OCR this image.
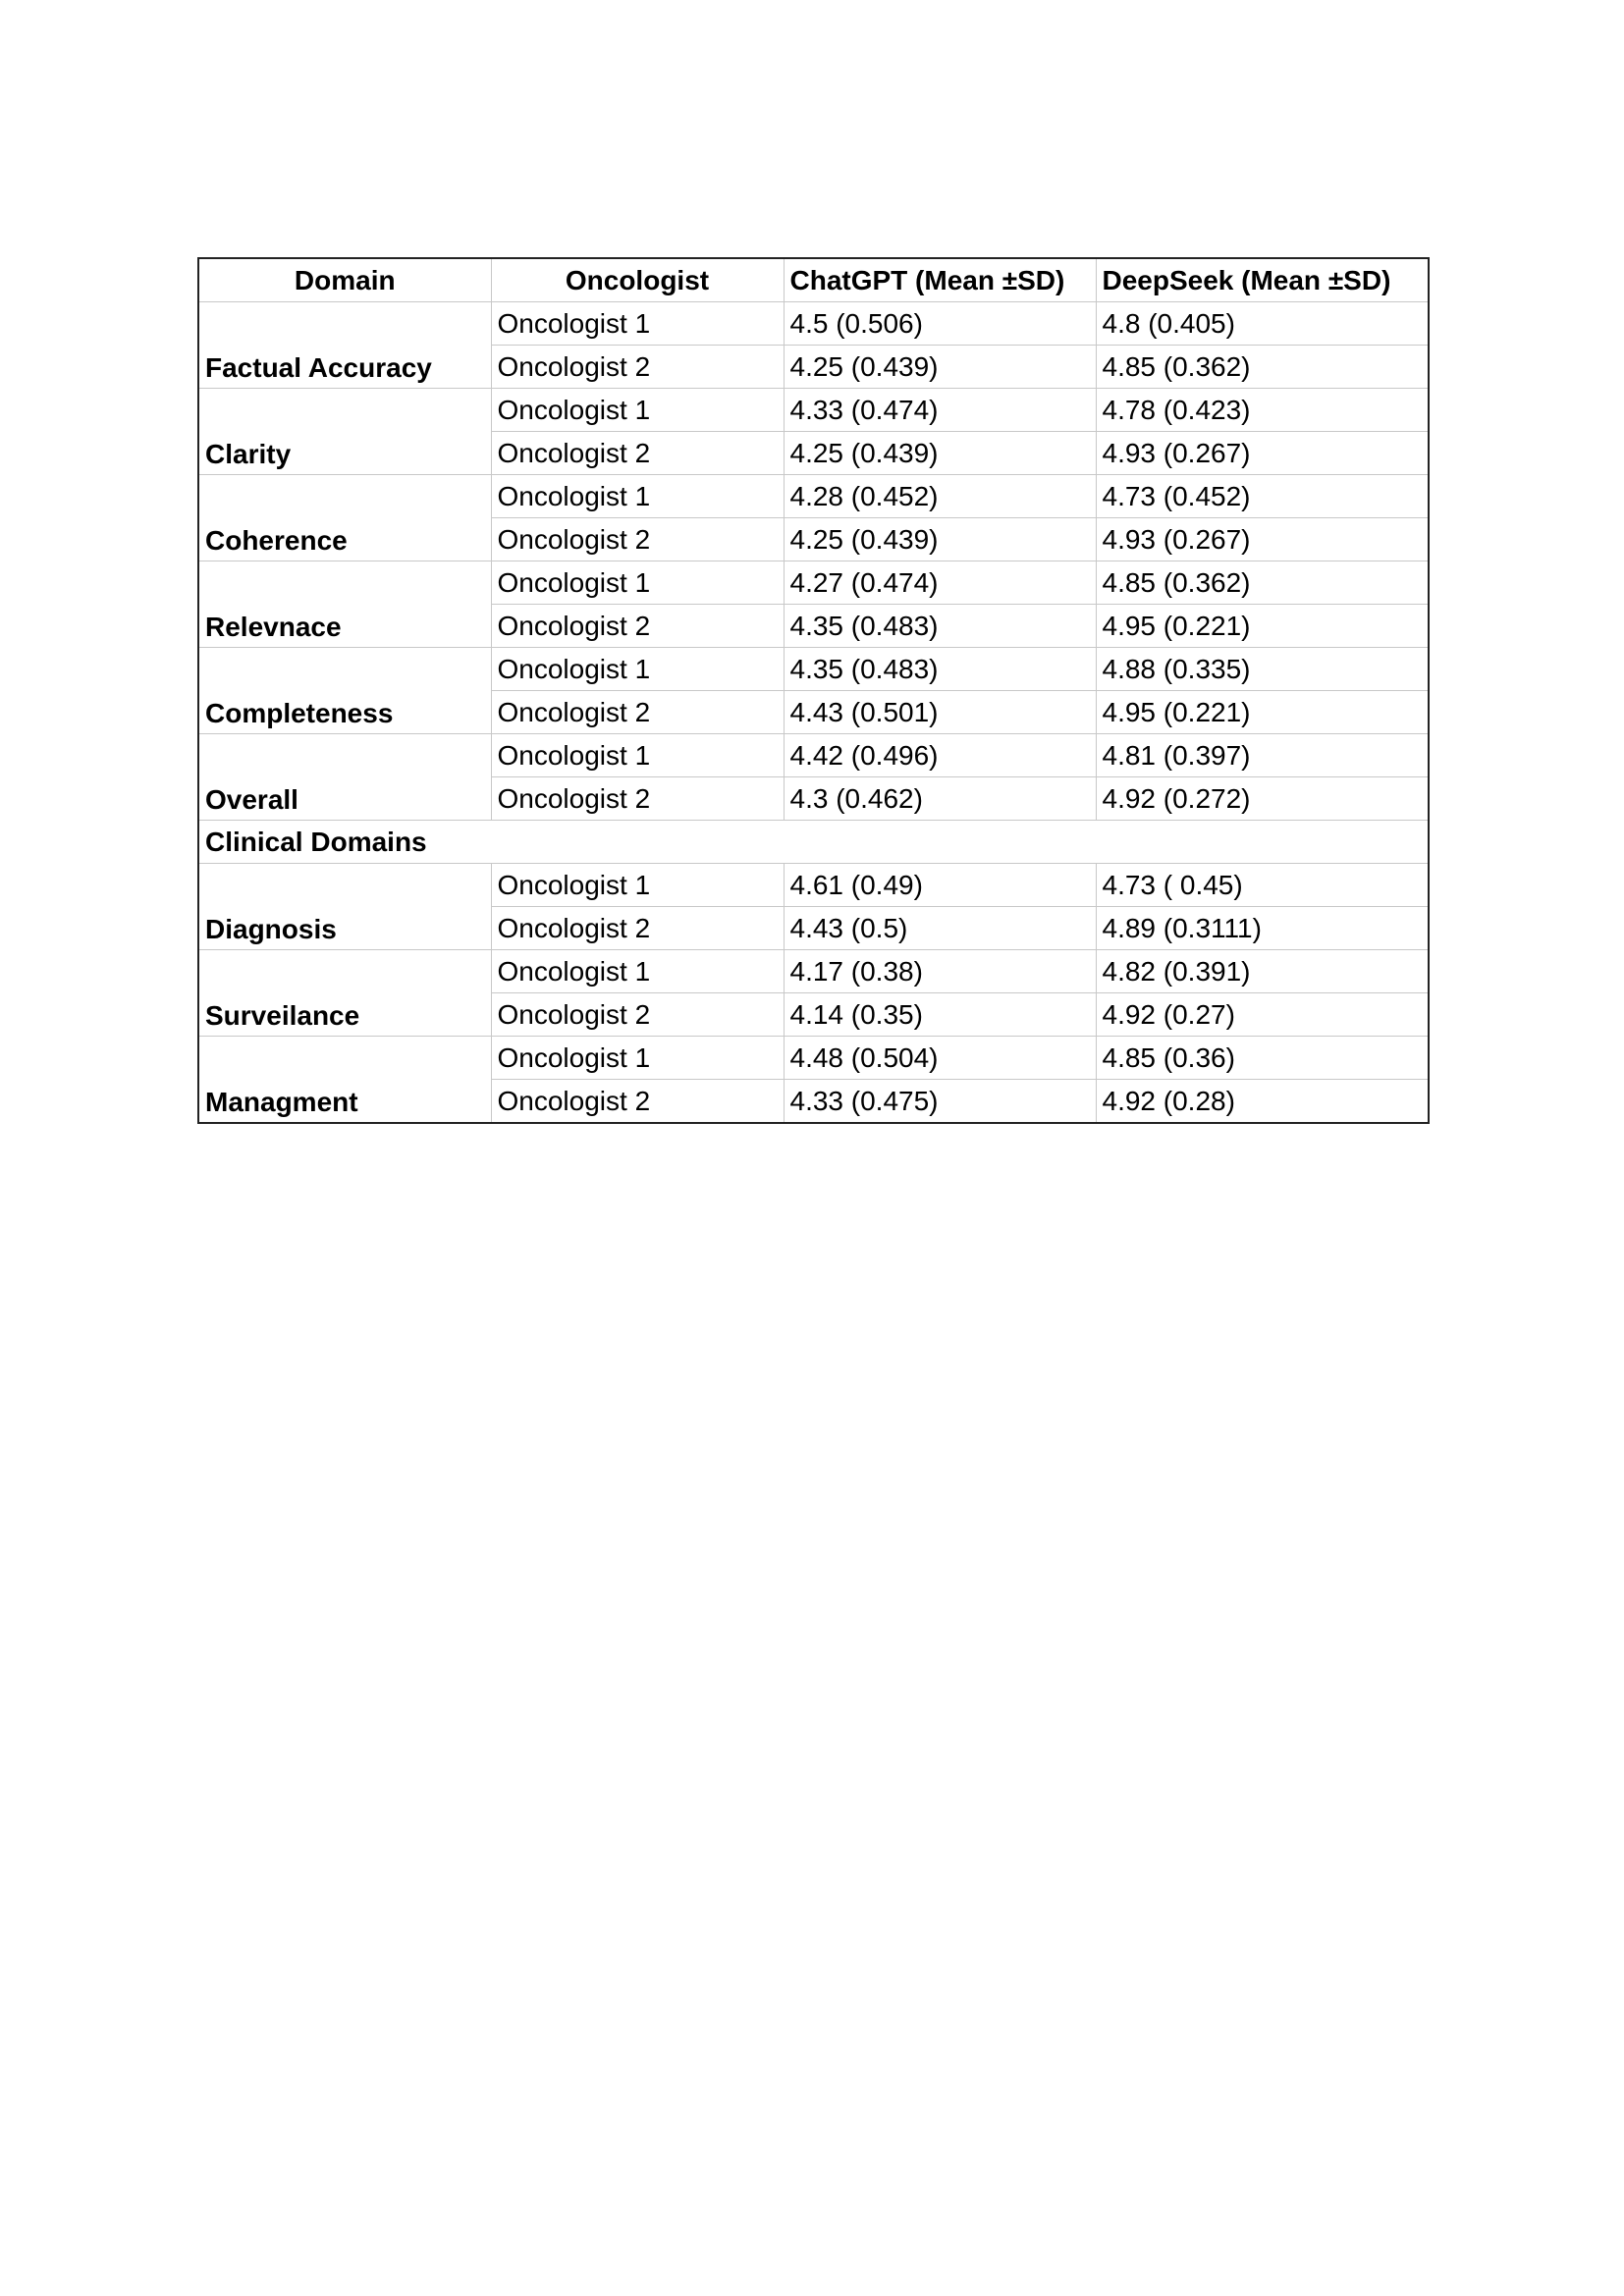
Domain	Oncologist	ChatGPT (Mean ±SD)	DeepSeek (Mean ±SD)
Factual Accuracy	Oncologist 1	4.5 (0.506)	4.8 (0.405)
	Oncologist 2	4.25 (0.439)	4.85 (0.362)
Clarity	Oncologist 1	4.33 (0.474)	4.78 (0.423)
	Oncologist 2	4.25 (0.439)	4.93 (0.267)
Coherence	Oncologist 1	4.28 (0.452)	4.73 (0.452)
	Oncologist 2	4.25 (0.439)	4.93 (0.267)
Relevnace	Oncologist 1	4.27 (0.474)	4.85 (0.362)
	Oncologist 2	4.35 (0.483)	4.95 (0.221)
Completeness	Oncologist 1	4.35 (0.483)	4.88 (0.335)
	Oncologist 2	4.43 (0.501)	4.95 (0.221)
Overall	Oncologist 1	4.42 (0.496)	4.81 (0.397)
	Oncologist 2	4.3 (0.462)	4.92 (0.272)
Clinical Domains			
Diagnosis	Oncologist 1	4.61 (0.49)	4.73 ( 0.45)
	Oncologist 2	4.43 (0.5)	4.89 (0.3111)
Surveilance	Oncologist 1	4.17 (0.38)	4.82 (0.391)
	Oncologist 2	4.14 (0.35)	4.92 (0.27)
Managment	Oncologist 1	4.48 (0.504)	4.85 (0.36)
	Oncologist 2	4.33 (0.475)	4.92 (0.28)
